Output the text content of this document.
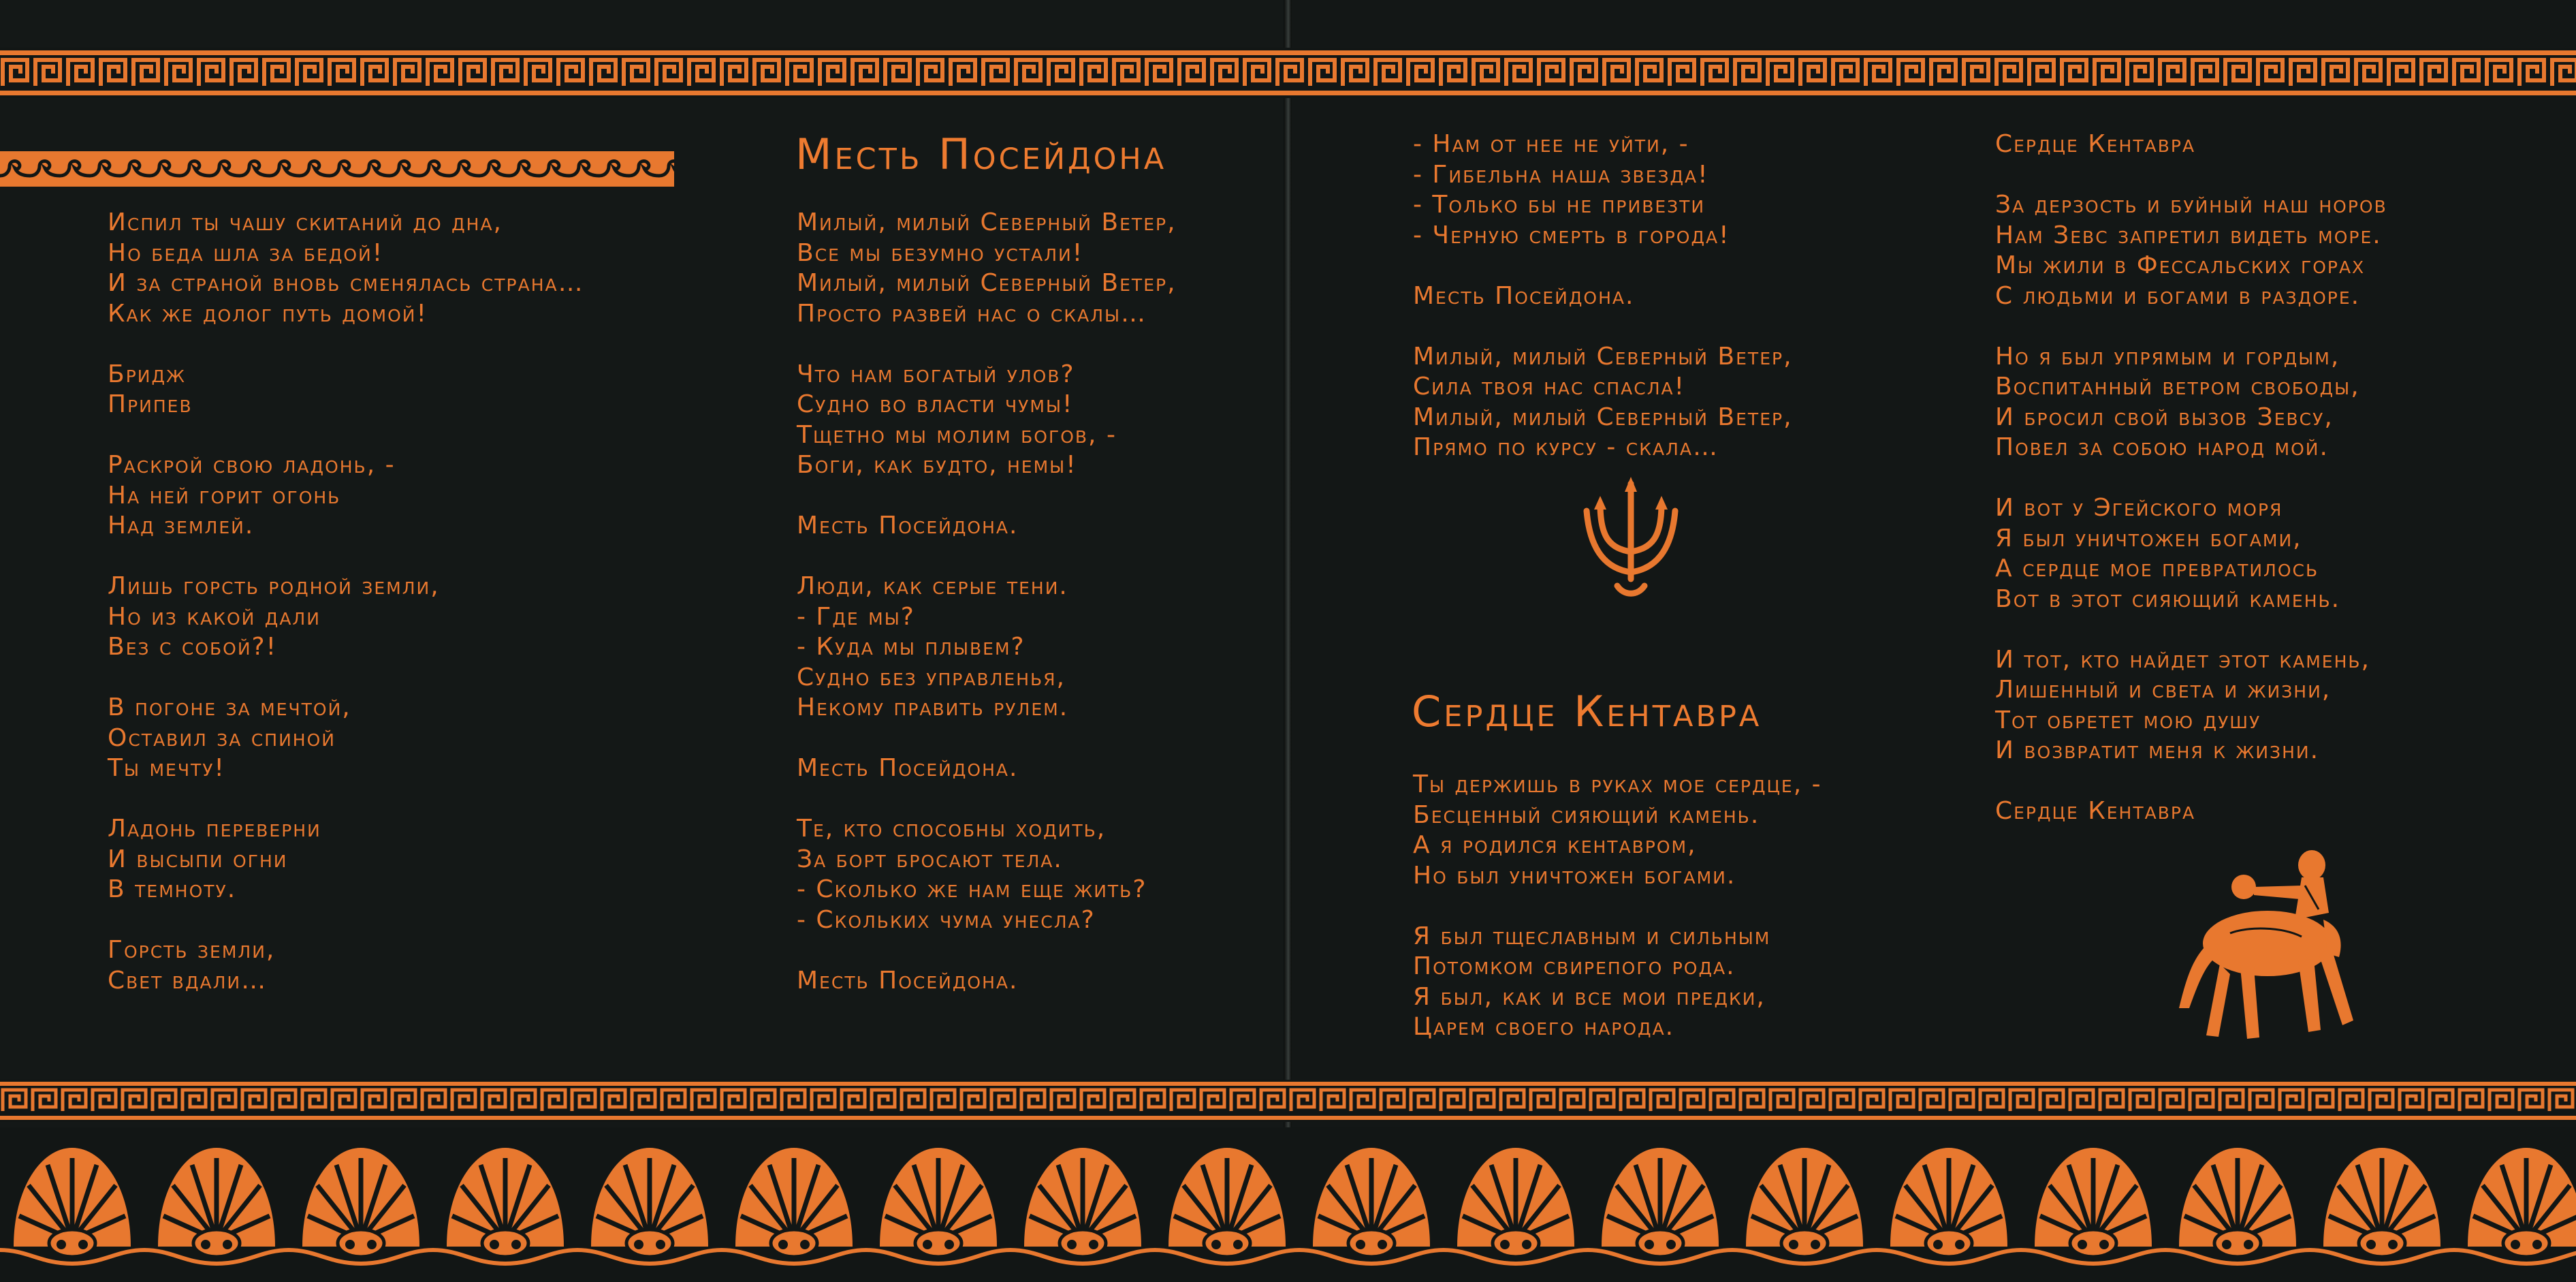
Испил ты чашу скитаний до дна,
Но беда шла за бедой!
И за страной вновь сменялась страна…
Как же долог путь домой!

Бридж
Припев

Раскрой свою ладонь, -
На ней горит огонь
Над землей.

Лишь горсть родной земли,
Но из какой дали
Вез с собой?!

В погоне за мечтой,
Оставил за спиной
Ты мечту!

Ладонь переверни
И высыпи огни
В темноту.

Горсть земли,
Свет вдали…
Месть Посейдона
Милый, милый Северный Ветер,
Все мы безумно устали!
Милый, милый Северный Ветер,
Просто развей нас о скалы…

Что нам богатый улов?
Судно во власти чумы!
Тщетно мы молим богов, -
Боги, как будто, немы!

Месть Посейдона.

Люди, как серые тени.
- Где мы?
- Куда мы плывем?
Судно без управленья,
Некому править рулем.

Месть Посейдона.

Те, кто способны ходить,
За борт бросают тела.
- Сколько же нам еще жить?
- Скольких чума унесла?

Месть Посейдона.
- Нам от нее не уйти, -
- Гибельна наша звезда!
- Только бы не привезти
- Черную смерть в города!

Месть Посейдона.

Милый, милый Северный Ветер,
Сила твоя нас спасла!
Милый, милый Северный Ветер,
Прямо по курсу - скала…
Сердце Кентавра
Ты держишь в руках мое сердце, -
Бесценный сияющий камень.
А я родился кентавром,
Но был уничтожен богами.

Я был тщеславным и сильным
Потомком свирепого рода.
Я был, как и все мои предки,
Царем своего народа.
Сердце Кентавра

За дерзость и буйный наш норов
Нам Зевс запретил видеть море.
Мы жили в Фессальских горах
С людьми и богами в раздоре.

Но я был упрямым и гордым,
Воспитанный ветром свободы,
И бросил свой вызов Зевсу,
Повел за собою народ мой.

И вот у Эгейского моря
Я был уничтожен богами,
А сердце мое превратилось
Вот в этот сияющий камень.

И тот, кто найдет этот камень,
Лишенный и света и жизни,
Тот обретет мою душу
И возвратит меня к жизни.

Сердце Кентавра
